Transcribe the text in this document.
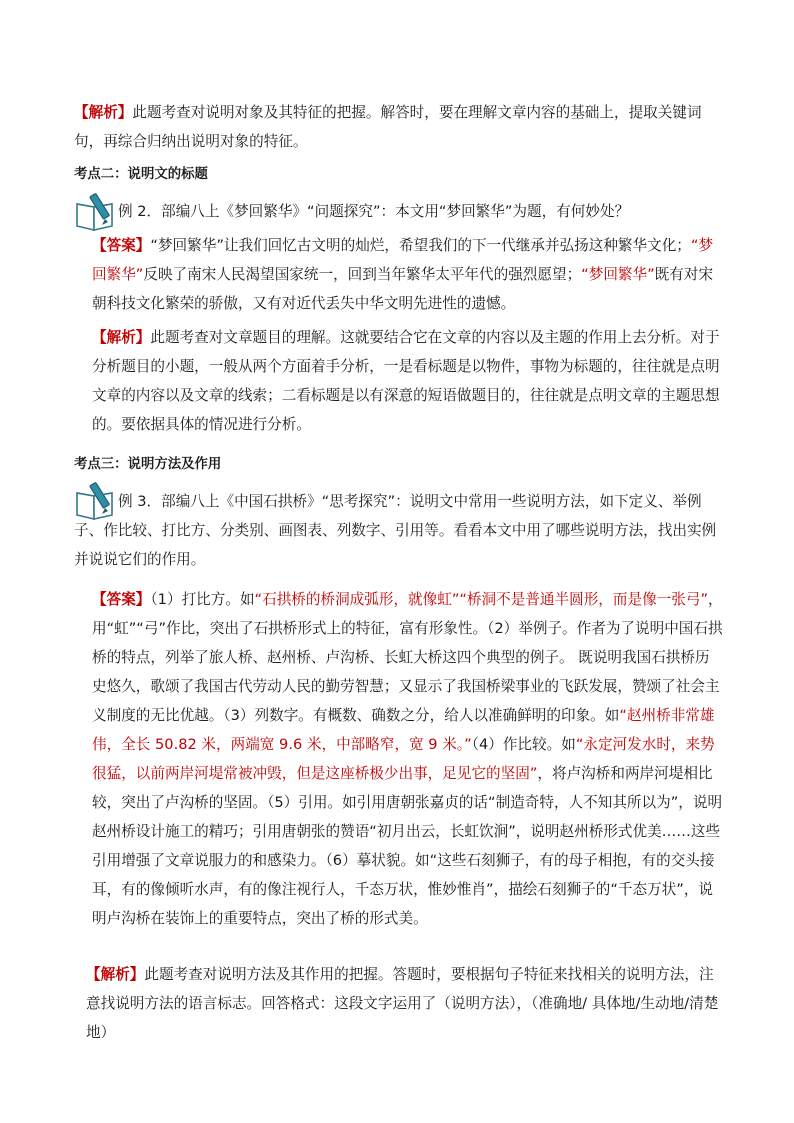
【解析】此题考查对说明对象及其特征的把握。解答时，要在理解文章内容的基础上，提取关键词句，再综合归纳出说明对象的特征。
考点二：说明文的标题
例 2．部编八上《梦回繁华》“问题探究”：本文用“梦回繁华”为题，有何妙处？
【答案】“梦回繁华”让我们回忆古文明的灿烂，希望我们的下一代继承并弘扬这种繁华文化；“梦回繁华”反映了南宋人民渴望国家统一，回到当年繁华太平年代的强烈愿望；“梦回繁华”既有对宋朝科技文化繁荣的骄傲，又有对近代丢失中华文明先进性的遗憾。
【解析】此题考查对文章题目的理解。这就要结合它在文章的内容以及主题的作用上去分析。对于分析题目的小题，一般从两个方面着手分析，一是看标题是以物件，事物为标题的，往往就是点明文章的内容以及文章的线索；二看标题是以有深意的短语做题目的，往往就是点明文章的主题思想的。要依据具体的情况进行分析。
考点三：说明方法及作用
例 3．部编八上《中国石拱桥》“思考探究”：说明文中常用一些说明方法，如下定义、举例子、作比较、打比方、分类别、画图表、列数字、引用等。看看本文中用了哪些说明方法，找出实例并说说它们的作用。
【答案】（1）打比方。如“石拱桥的桥洞成弧形，就像虹”“桥洞不是普通半圆形，而是像一张弓”，用“虹”“弓”作比，突出了石拱桥形式上的特征，富有形象性。（2）举例子。作者为了说明中国石拱桥的特点，列举了旅人桥、赵州桥、卢沟桥、长虹大桥这四个典型的例子。 既说明我国石拱桥历史悠久，歌颂了我国古代劳动人民的勤劳智慧；又显示了我国桥梁事业的飞跃发展，赞颂了社会主义制度的无比优越。（3）列数字。有概数、确数之分，给人以准确鲜明的印象。如“赵州桥非常雄伟，全长 50.82 米，两端宽 9.6 米，中部略窄，宽 9 米。”（4）作比较。如“永定河发水时，来势很猛，以前两岸河堤常被冲毁，但是这座桥极少出事，足见它的坚固”，将卢沟桥和两岸河堤相比较，突出了卢沟桥的坚固。（5）引用。如引用唐朝张嘉贞的话“制造奇特，人不知其所以为”，说明赵州桥设计施工的精巧；引用唐朝张的赞语“初月出云，长虹饮涧”，说明赵州桥形式优美……这些引用增强了文章说服力的和感染力。（6）摹状貌。如“这些石刻狮子，有的母子相抱，有的交头接耳，有的像倾听水声，有的像注视行人，千态万状，惟妙惟肖”，描绘石刻狮子的“千态万状”，说明卢沟桥在装饰上的重要特点，突出了桥的形式美。
【解析】此题考查对说明方法及其作用的把握。答题时，要根据句子特征来找相关的说明方法，注意找说明方法的语言标志。回答格式：这段文字运用了（说明方法），（准确地/ 具体地/生动地/清楚地）
